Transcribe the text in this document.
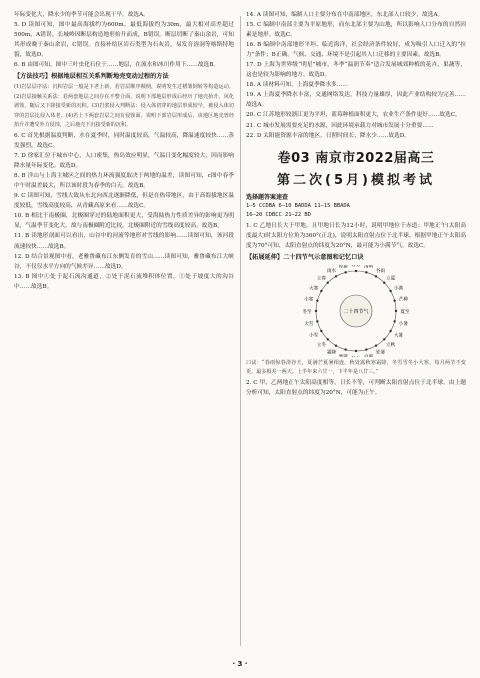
年际变化大，降水少的季节可能会出现干旱。故选A。

5. D 读图可知，图中最高海拔约为600m，最低海拔约为30m，最大相对高差超过500m，A错误。长城岭因断层构造地形抬升而成，B错误。断层切断了秦山余岩，可知其形成晚于秦山余岩，C错误。直接补给区岩石类型为石灰岩，易发育溶洞等喀斯特地貌，故选D。

6. B 由图可知，图中三叶虫化石位于……地层，在流水和冰川作用下……故选B。

【方法技巧】根据地层相互关系判断地壳变动过程的方法

(1)岩层层序法：沉积岩层一般是下老上新，若岩层顺序颠倒，说明发生过褶皱倒转等构造运动。(2)岩层接触关系法：若两套地层之间存在不整合面，说明下部地层形成后经历了地壳抬升、风化剥蚀，随后又下降接受新的沉积。(3)岩浆侵入判断法：侵入体切穿的地层形成较早，被侵入体切穿的岩层比侵入体老。(4)若上下两套岩层之间有侵蚀面，说明下部岩层形成后，该地区地壳曾经抬升并遭受外力侵蚀，之后地壳下沉接受新的沉积。

6. C 首先根据温度判断，水在夏季时，同时温度较高，气温较高，降温速度较快……蒸发强烈，故选C。

7. D 徐家汇位于城市中心，人口密集，热岛效应明显，气温日变化幅度较大，因而影响降水量年际变化。故选D。

8. B 洋山与上海主城区之间的热力环流强度取决于两地的温差，读图可知，c图中春季中午时温差最大，所以该时段为春季的白天。故选B。

9. C 读图可知，雪线大致从东北向西北逐渐降低，但是在热带地区，由于高海拔地区温度较低，雪线高度较高，从青藏高原来看……故选C。

10. B 相比于南极圈，北极圈穿过的陆地面积更大，受海陆热力性质差异的影响更为明显，气温季节变化大，故与南极圈附近比较，北极圈附近的雪线高度较高。故选B。

11. B 读地形剖面可以看出，山谷中的河流等地形对雪线的影响……读图可知，该河段流速较快……故选B。

12. D 结合景观图中看，老雅鲁藏布江东侧发育的雪山……读图可知，雅鲁藏布江大峡谷，不仅仅水平方向的气候差异……故选D。

13. B 图中①处于泥石流沟通道，②处于泥石流堆积体位置，①处于坡度大的沟谷中……故选B。

14. A 读图可知，编制人口主要分布在中南部地区，东北部人口较少，故选A。

15. C 编制中南部主要为平原地形，而东北部主要为山地，所以影响人口分布的自然因素是地形。故选C。

16. B 编制中南部地形平坦、临近海洋，社会经济条件较好，成为吸引人口迁入的“拉力”条件；B正确。气候、交通、环境不是引起其人口迁移的主要因素。故选B。

17. D 上海为世界级“明星”城市，冬季“温润节奏”适合发展城郊种植的花卉、果蔬等，这也是较为影响的地方。故选D。

18. A 读材料可知，上海夏季降水多……

19. A 上海夏季降水丰富，交通网络发达，科技力量雄厚，因此产业结构较为完善……故选A。

20. C 江苏地形较浙江更为平坦，蓝莓种植面积更大，农业生产条件更好……故选C。

21. C 城市发展需要充足的水源，因此环境承载力对城市发展十分重要……

22. D 太阳能资源丰富的地区，日照时间长，降水少……故选D。

卷03 南京市2022届高三
第二次(5月)模拟考试
选择题答案速查
1—5 CCDBA 6—10 BADDA 11—15 BBADA
16—20 CDBCC 21—22 BD

1. C 乙地日长大于甲地，且甲地日长为12小时，说明甲地位于赤道；甲地正午(太阳高度最大)时太阳方位角为360°(正北)，说明太阳直射点位于北半球，根据甲地正午太阳高度为70°可知，太阳直射点的纬度为20°N，最可能为小满节气。故选C。

【拓展延伸】二十四节气示意图和记忆口诀

二十四节气
春分 清明
谷雨
立夏
小满
芒种
夏至
小暑
大暑
立秋
处暑
霜降
立冬
小雪
大雪
冬至
小寒
大寒
立春
雨水
惊蛰

口诀：“春雨惊春清谷天，夏满芒夏暑相连。秋处露秋寒霜降，冬雪雪冬小大寒。每月两节不变更，最多相差一两天。上半年来六廿一，下半年是八廿三。”

2. C 甲、乙两地正午太阳高度相等，日长不等，可判断太阳直射点位于北半球。由上题分析可知，太阳直射点的纬度为20°N，可能为正午。

· 3 ·
